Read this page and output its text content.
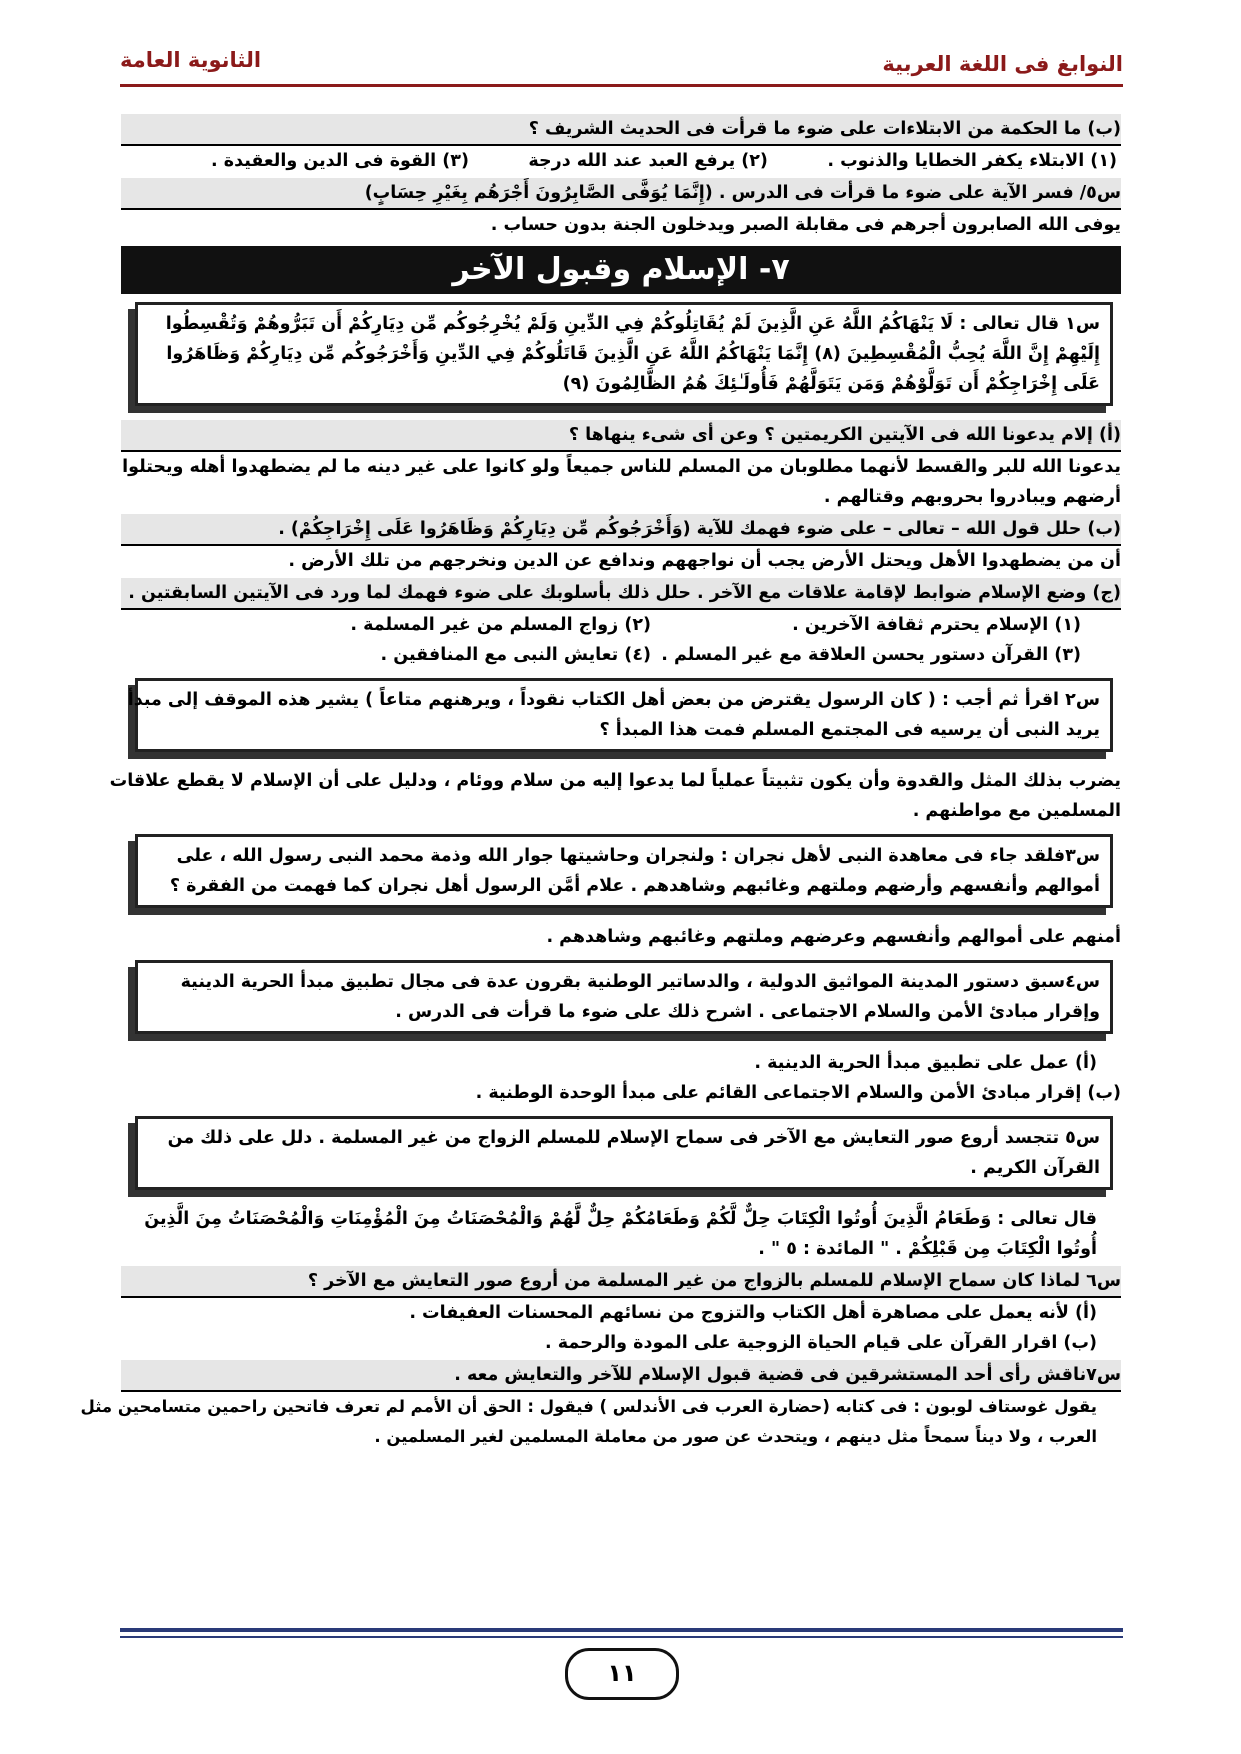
النوابغ فى اللغة العربية
الثانوية العامة
(ب) ما الحكمة من الابتلاءات على ضوء ما قرأت فى الحديث الشريف ؟
(١) الابتلاء يكفر الخطايا والذنوب .
(٢) يرفع العبد عند الله درجة
(٣) القوة فى الدين والعقيدة .
س٥/ فسر الآية على ضوء ما قرأت فى الدرس . (إِنَّمَا يُوَفَّى الصَّابِرُونَ أَجْرَهُم بِغَيْرِ حِسَابٍ)
يوفى الله الصابرون أجرهم فى مقابلة الصبر ويدخلون الجنة بدون حساب .
٧- الإسلام وقبول الآخر
س١ قال تعالى : لَا يَنْهَاكُمُ اللَّهُ عَنِ الَّذِينَ لَمْ يُقَاتِلُوكُمْ فِي الدِّينِ وَلَمْ يُخْرِجُوكُم مِّن دِيَارِكُمْ أَن تَبَرُّوهُمْ وَتُقْسِطُوا
إِلَيْهِمْ إِنَّ اللَّهَ يُحِبُّ الْمُقْسِطِينَ (٨) إِنَّمَا يَنْهَاكُمُ اللَّهُ عَنِ الَّذِينَ قَاتَلُوكُمْ فِي الدِّينِ وَأَخْرَجُوكُم مِّن دِيَارِكُمْ وَظَاهَرُوا
عَلَى إِخْرَاجِكُمْ أَن تَوَلَّوْهُمْ وَمَن يَتَوَلَّهُمْ فَأُولَـٰئِكَ هُمُ الظَّالِمُونَ (٩)
(أ) إلام يدعونا الله فى الآيتين الكريمتين ؟ وعن أى شىء ينهاها ؟
يدعونا الله للبر والقسط لأنهما مطلوبان من المسلم للناس جميعاً ولو كانوا على غير دينه ما لم يضطهدوا أهله ويحتلوا
أرضهم ويبادروا بحروبهم وقتالهم .
(ب) حلل قول الله – تعالى – على ضوء فهمك للآية (وَأَخْرَجُوكُم مِّن دِيَارِكُمْ وَظَاهَرُوا عَلَى إِخْرَاجِكُمْ) .
أن من يضطهدوا الأهل ويحتل الأرض يجب أن نواجههم وندافع عن الدين ونخرجهم من تلك الأرض .
(ج) وضع الإسلام ضوابط لإقامة علاقات مع الآخر . حلل ذلك بأسلوبك على ضوء فهمك لما ورد فى الآيتين السابقتين .
(١) الإسلام يحترم ثقافة الآخرين .
(٢) زواج المسلم من غير المسلمة .
(٣) القرآن دستور يحسن العلاقة مع غير المسلم .
(٤) تعايش النبى مع المنافقين .
س٢ اقرأ ثم أجب : ( كان الرسول يقترض من بعض أهل الكتاب نقوداً ، ويرهنهم متاعاً ) يشير هذه الموقف إلى مبدأ
يريد النبى أن يرسيه فى المجتمع المسلم فمت هذا المبدأ ؟
يضرب بذلك المثل والقدوة وأن يكون تثبيتاً عملياً لما يدعوا إليه من سلام ووئام ، ودليل على أن الإسلام لا يقطع علاقات
المسلمين مع مواطنهم .
س٣فلقد جاء فى معاهدة النبى لأهل نجران : ولنجران وحاشيتها جوار الله وذمة محمد النبى رسول الله ، على
أموالهم وأنفسهم وأرضهم وملتهم وغائبهم وشاهدهم . علام أمَّن الرسول أهل نجران كما فهمت من الفقرة ؟
أمنهم على أموالهم وأنفسهم وعرضهم وملتهم وغائبهم وشاهدهم .
س٤سبق دستور المدينة المواثيق الدولية ، والدساتير الوطنية بقرون عدة فى مجال تطبيق مبدأ الحرية الدينية
وإقرار مبادئ الأمن والسلام الاجتماعى . اشرح ذلك على ضوء ما قرأت فى الدرس .
(أ) عمل على تطبيق مبدأ الحرية الدينية .
(ب) إقرار مبادئ الأمن والسلام الاجتماعى القائم على مبدأ الوحدة الوطنية .
س٥ تتجسد أروع صور التعايش مع الآخر فى سماح الإسلام للمسلم الزواج من غير المسلمة . دلل على ذلك من
القرآن الكريم .
قال تعالى : وَطَعَامُ الَّذِينَ أُوتُوا الْكِتَابَ حِلٌّ لَّكُمْ وَطَعَامُكُمْ حِلٌّ لَّهُمْ وَالْمُحْصَنَاتُ مِنَ الْمُؤْمِنَاتِ وَالْمُحْصَنَاتُ مِنَ الَّذِينَ
أُوتُوا الْكِتَابَ مِن قَبْلِكُمْ . " المائدة : ٥ " .
س٦ لماذا كان سماح الإسلام للمسلم بالزواج من غير المسلمة من أروع صور التعايش مع الآخر ؟
(أ) لأنه يعمل على مصاهرة أهل الكتاب والتزوج من نسائهم المحسنات العفيفات .
(ب) اقرار القرآن على قيام الحياة الزوجية على المودة والرحمة .
س٧ناقش رأى أحد المستشرقين فى قضية قبول الإسلام للآخر والتعايش معه .
يقول غوستاف لوبون : فى كتابه (حضارة العرب فى الأندلس ) فيقول : الحق أن الأمم لم تعرف فاتحين راحمين متسامحين مثل
العرب ، ولا ديناً سمحاً مثل دينهم ، ويتحدث عن صور من معاملة المسلمين لغير المسلمين .
١١
